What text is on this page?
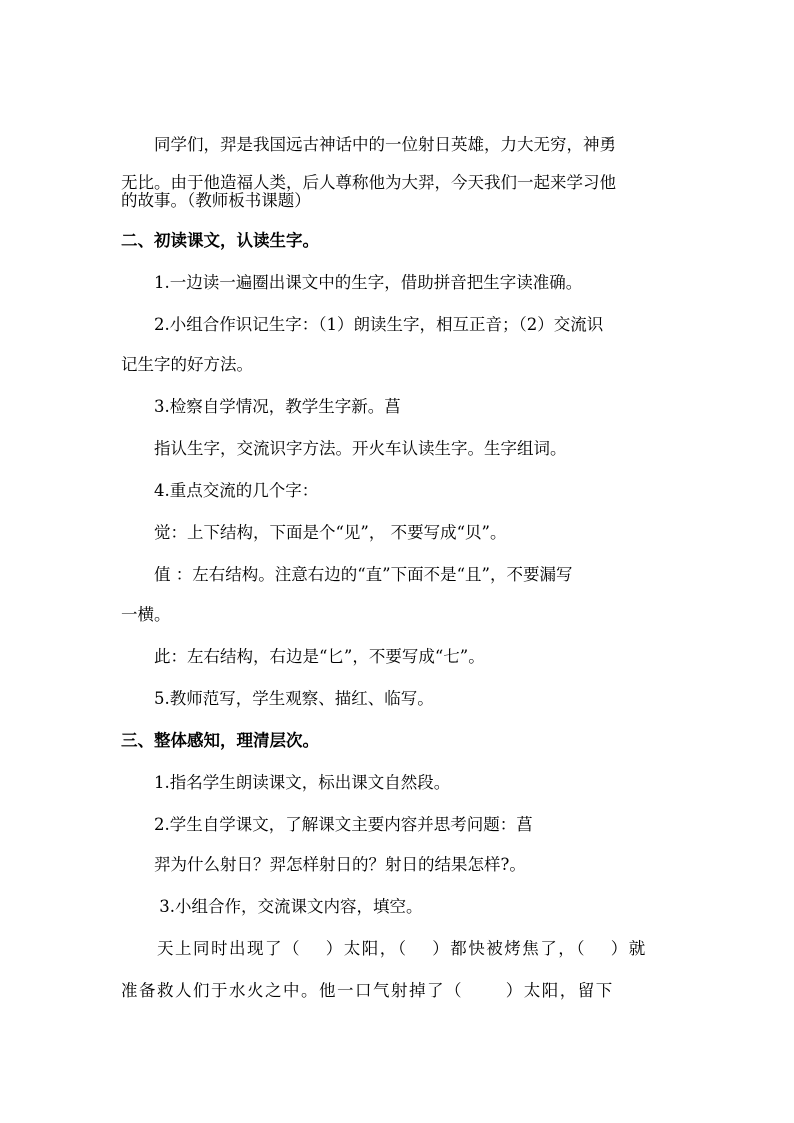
　　同学们，羿是我国远古神话中的一位射日英雄，力大无穷，神勇
无比。由于他造福人类，后人尊称他为大羿，今天我们一起来学习他
的故事。（教师板书课题）
二、初读课文，认读生字。
　　1.一边读一遍圈出课文中的生字，借助拼音把生字读准确。
　　2.小组合作识记生字：（1）朗读生字，相互正音；（2）交流识
记生字的好方法。
　　3.检察自学情况，教学生字新。菖
　　指认生字，交流识字方法。开火车认读生字。生字组词。
　　4.重点交流的几个字：
　　觉：上下结构，下面是个“见”， 不要写成“贝”。
　　值 ：左右结构。注意右边的“直”下面不是“且”，不要漏写
一横。
　　此：左右结构，右边是“匕”，不要写成“七”。
　　5.教师范写，学生观察、描红、临写。
三、整体感知，理清层次。
　　1.指名学生朗读课文，标出课文自然段。
　　2.学生自学课文，了解课文主要内容并思考问题：菖
　　羿为什么射日？羿怎样射日的？射日的结果怎样?。
　　 3.小组合作，交流课文内容，填空。
　　天上同时出现了（　 ）太阳，（　 ）都快被烤焦了，（　 ）就
准备救人们于水火之中。他一口气射掉了（　 　）太阳，留下
